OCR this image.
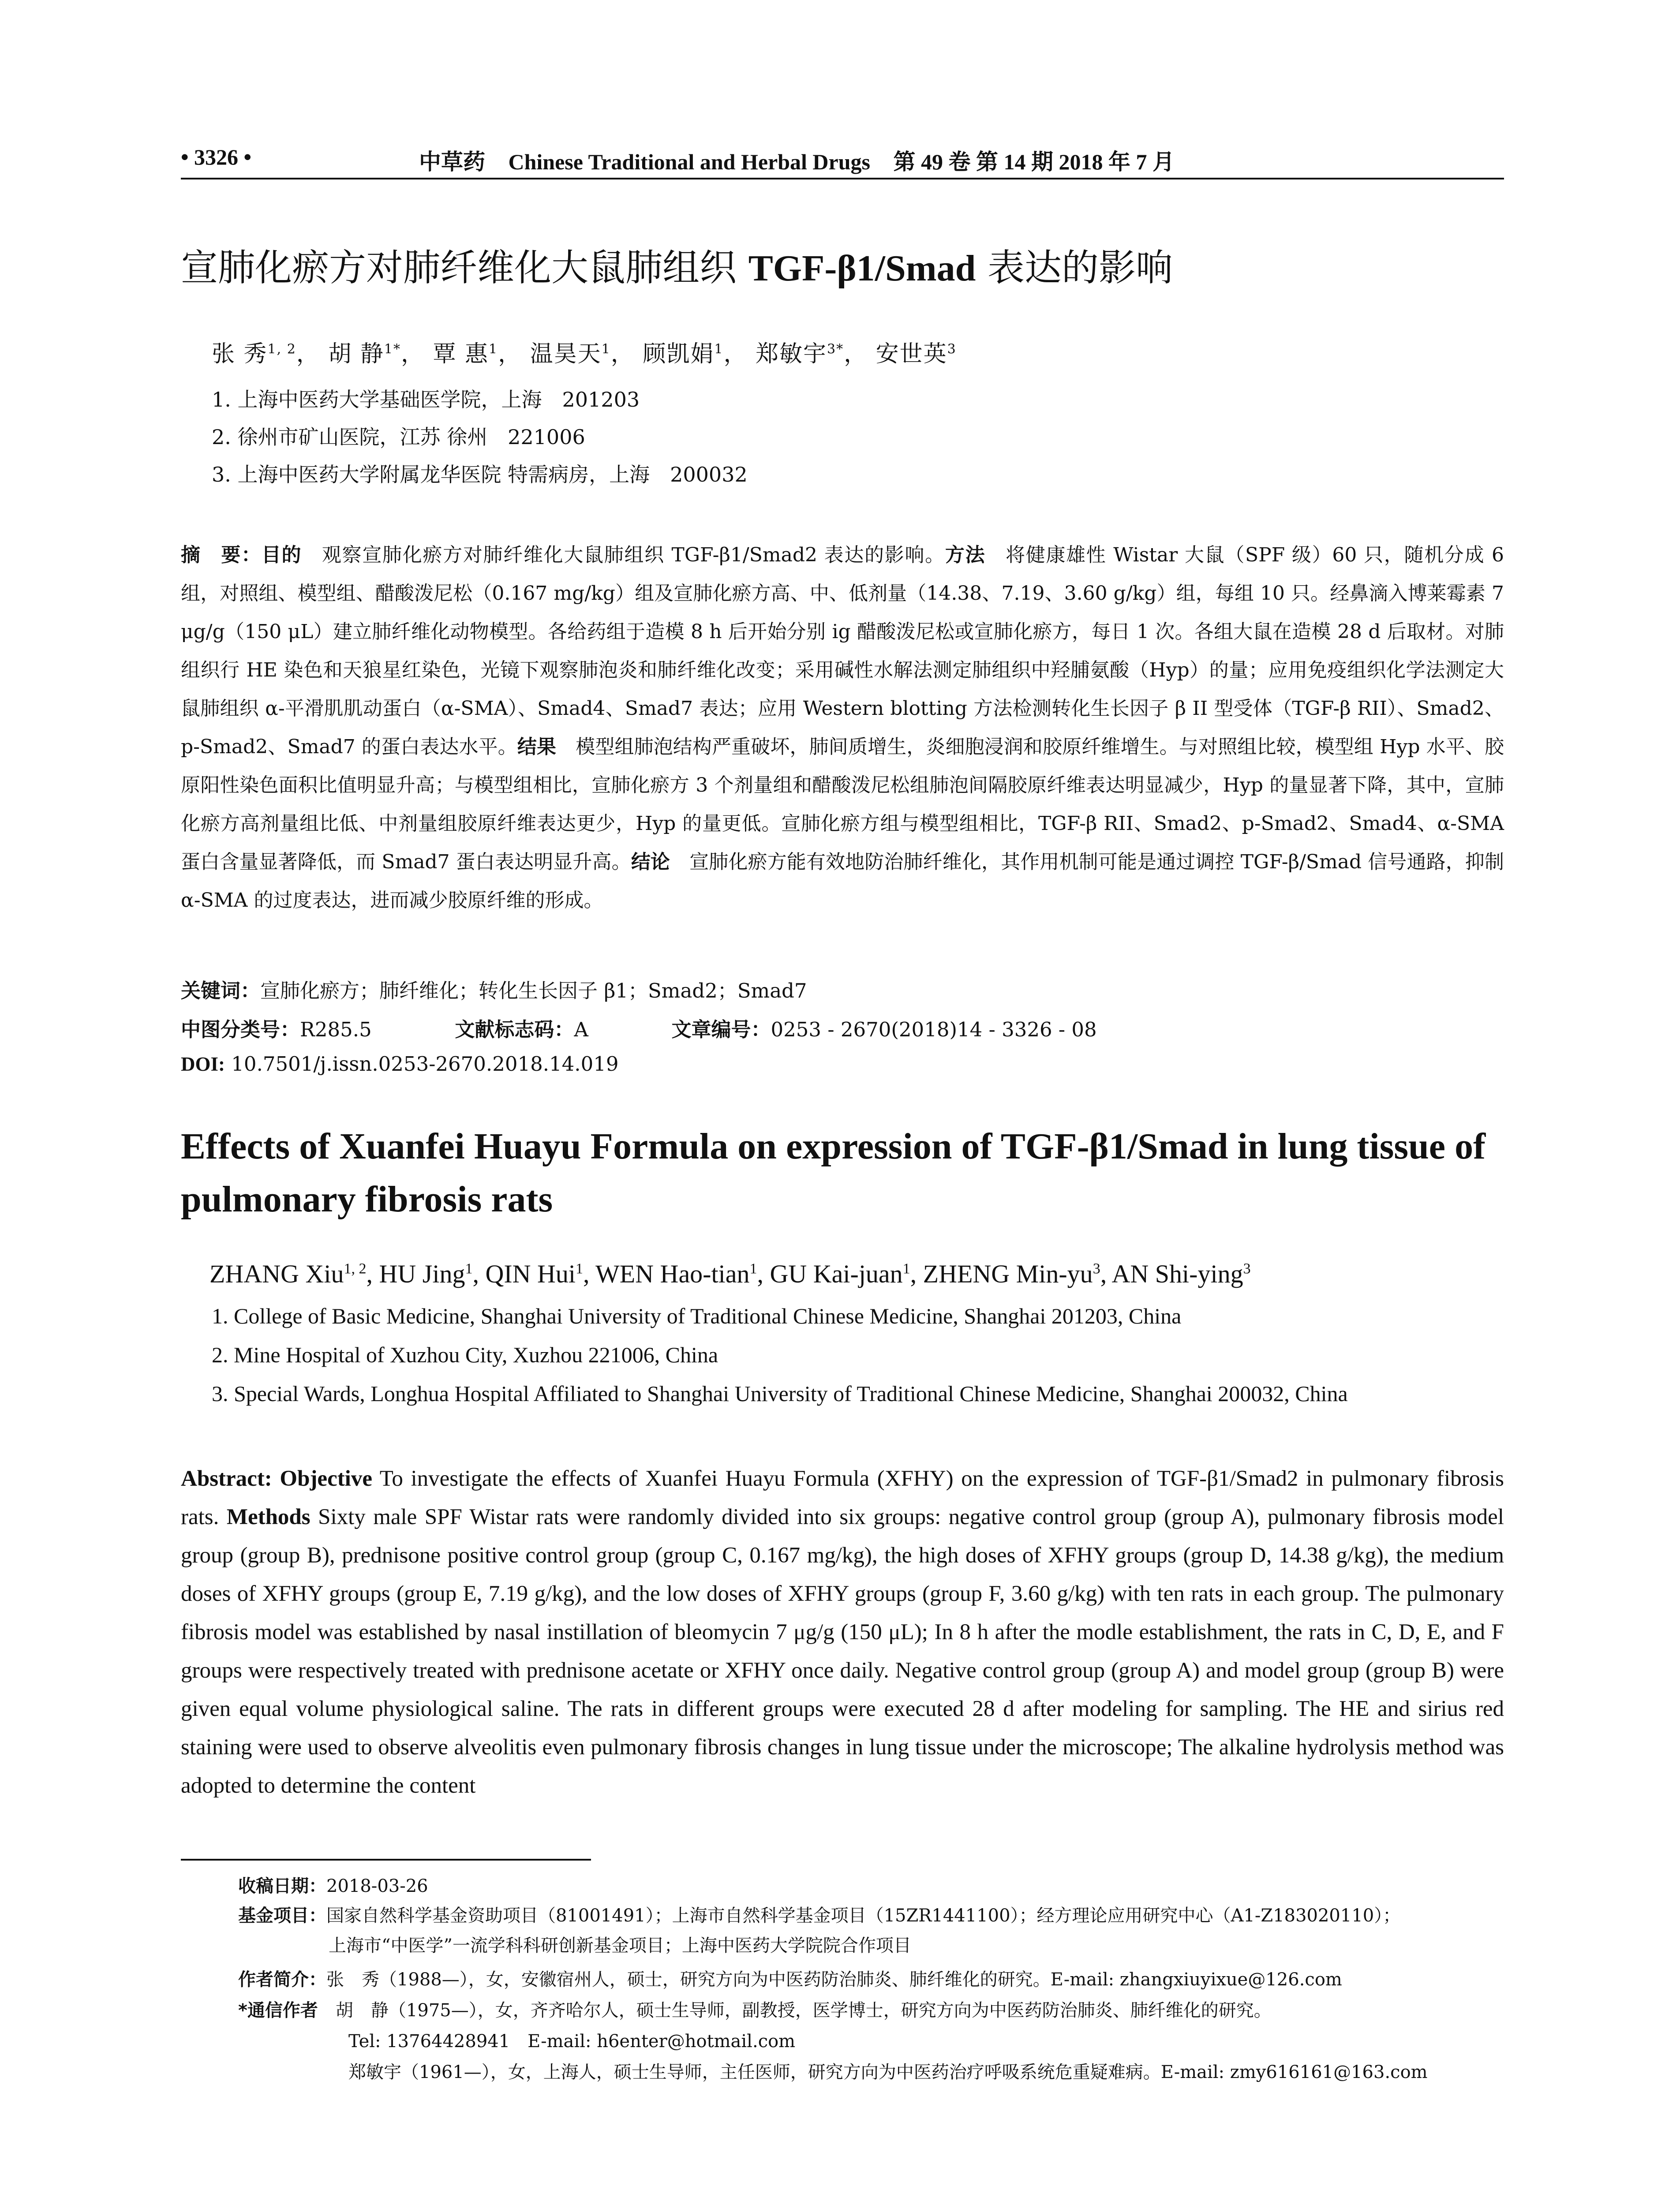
• 3326 •	中草药 Chinese Traditional and Herbal Drugs 第 49 卷 第 14 期 2018 年 7 月
宣肺化瘀方对肺纤维化大鼠肺组织 TGF-β1/Smad 表达的影响
张 秀$^{1, 2}$， 胡 静$^{1*}$， 覃 惠$^1$， 温昊天$^1$， 顾凯娟$^1$， 郑敏宇$^{3*}$， 安世英$^3$
1. 上海中医药大学基础医学院，上海　201203
2. 徐州市矿山医院，江苏 徐州　221006
3. 上海中医药大学附属龙华医院 特需病房，上海　200032
摘　要：目的　观察宣肺化瘀方对肺纤维化大鼠肺组织 TGF-β1/Smad2 表达的影响。方法　将健康雄性 Wistar 大鼠（SPF 级）60 只，随机分成 6 组，对照组、模型组、醋酸泼尼松（0.167 mg/kg）组及宣肺化瘀方高、中、低剂量（14.38、7.19、3.60 g/kg）组，每组 10 只。经鼻滴入博莱霉素 7 μg/g（150 μL）建立肺纤维化动物模型。各给药组于造模 8 h 后开始分别 ig 醋酸泼尼松或宣肺化瘀方，每日 1 次。各组大鼠在造模 28 d 后取材。对肺组织行 HE 染色和天狼星红染色，光镜下观察肺泡炎和肺纤维化改变；采用碱性水解法测定肺组织中羟脯氨酸（Hyp）的量；应用免疫组织化学法测定大鼠肺组织 α-平滑肌肌动蛋白（α-SMA）、Smad4、Smad7 表达；应用 Western blotting 方法检测转化生长因子 β II 型受体（TGF-β RII）、Smad2、p-Smad2、Smad7 的蛋白表达水平。结果　模型组肺泡结构严重破坏，肺间质增生，炎细胞浸润和胶原纤维增生。与对照组比较，模型组 Hyp 水平、胶原阳性染色面积比值明显升高；与模型组相比，宣肺化瘀方 3 个剂量组和醋酸泼尼松组肺泡间隔胶原纤维表达明显减少，Hyp 的量显著下降，其中，宣肺化瘀方高剂量组比低、中剂量组胶原纤维表达更少，Hyp 的量更低。宣肺化瘀方组与模型组相比，TGF-β RII、Smad2、p-Smad2、Smad4、α-SMA 蛋白含量显著降低，而 Smad7 蛋白表达明显升高。结论　宣肺化瘀方能有效地防治肺纤维化，其作用机制可能是通过调控 TGF-β/Smad 信号通路，抑制 α-SMA 的过度表达，进而减少胶原纤维的形成。
关键词：宣肺化瘀方；肺纤维化；转化生长因子 β1；Smad2；Smad7
中图分类号：R285.5	文献标志码：A	文章编号：0253 - 2670(2018)14 - 3326 - 08
DOI: 10.7501/j.issn.0253-2670.2018.14.019
Effects of Xuanfei Huayu Formula on expression of TGF-β1/Smad in lung tissue of pulmonary fibrosis rats
ZHANG Xiu$^{1, 2}$, HU Jing$^1$, QIN Hui$^1$, WEN Hao-tian$^1$, GU Kai-juan$^1$, ZHENG Min-$yu^3$, AN Shi-ying$^3$
1. College of Basic Medicine, Shanghai University of Traditional Chinese Medicine, Shanghai 201203, China
2. Mine Hospital of Xuzhou City, Xuzhou 221006, China
3. Special Wards, Longhua Hospital Affiliated to Shanghai University of Traditional Chinese Medicine, Shanghai 200032, China
Abstract: Objective To investigate the effects of Xuanfei Huayu Formula (XFHY) on the expression of TGF-β1/Smad2 in pulmonary fibrosis rats. Methods Sixty male SPF Wistar rats were randomly divided into six groups: negative control group (group A), pulmonary fibrosis model group (group B), prednisone positive control group (group C, 0.167 mg/kg), the high doses of XFHY groups (group D, 14.38 g/kg), the medium doses of XFHY groups (group E, 7.19 g/kg), and the low doses of XFHY groups (group F, 3.60 g/kg) with ten rats in each group. The pulmonary fibrosis model was established by nasal instillation of bleomycin 7 μg/g (150 μL); In 8 h after the modle establishment, the rats in C, D, E, and F groups were respectively treated with prednisone acetate or XFHY once daily. Negative control group (group A) and model group (group B) were given equal volume physiological saline. The rats in different groups were executed 28 d after modeling for sampling. The HE and sirius red staining were used to observe alveolitis even pulmonary fibrosis changes in lung tissue under the microscope; The alkaline hydrolysis method was adopted to determine the content
收稿日期：2018-03-26
基金项目：国家自然科学基金资助项目（81001491）；上海市自然科学基金项目（15ZR1441100）；经方理论应用研究中心（A1-Z183020110）；
上海市“中医学”一流学科科研创新基金项目；上海中医药大学院院合作项目
作者简介：张　秀（1988—），女，安徽宿州人，硕士，研究方向为中医药防治肺炎、肺纤维化的研究。E-mail: zhangxiuyixue@126.com
*通信作者　胡　静（1975—），女，齐齐哈尔人，硕士生导师，副教授，医学博士，研究方向为中医药防治肺炎、肺纤维化的研究。
Tel: 13764428941　E-mail: h6enter@hotmail.com
郑敏宇（1961—），女，上海人，硕士生导师，主任医师，研究方向为中医药治疗呼吸系统危重疑难病。E-mail: zmy616161@163.com
